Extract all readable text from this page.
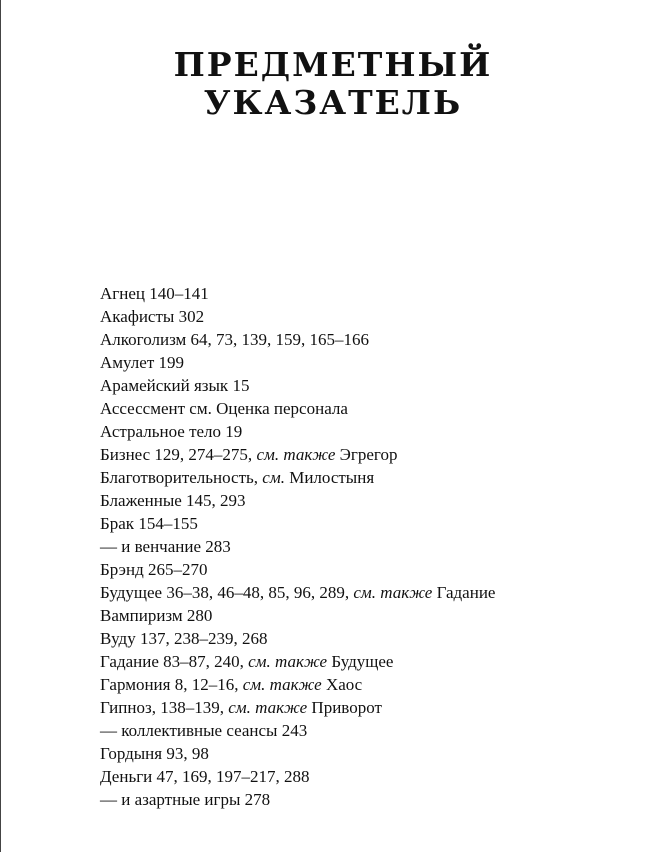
ПРЕДМЕТНЫЙ
УКАЗАТЕЛЬ
Агнец 140–141
Акафисты 302
Алкоголизм 64, 73, 139, 159, 165–166
Амулет 199
Арамейский язык 15
Ассессмент см. Оценка персонала
Астральное тело 19
Бизнес 129, 274–275, см. также Эгрегор
Благотворительность, см. Милостыня
Блаженные 145, 293
Брак 154–155
— и венчание 283
Брэнд 265–270
Будущее 36–38, 46–48, 85, 96, 289, см. также Гадание
Вампиризм 280
Вуду 137, 238–239, 268
Гадание 83–87, 240, см. также Будущее
Гармония 8, 12–16, см. также Хаос
Гипноз, 138–139, см. также Приворот
— коллективные сеансы 243
Гордыня 93, 98
Деньги 47, 169, 197–217, 288
— и азартные игры 278
